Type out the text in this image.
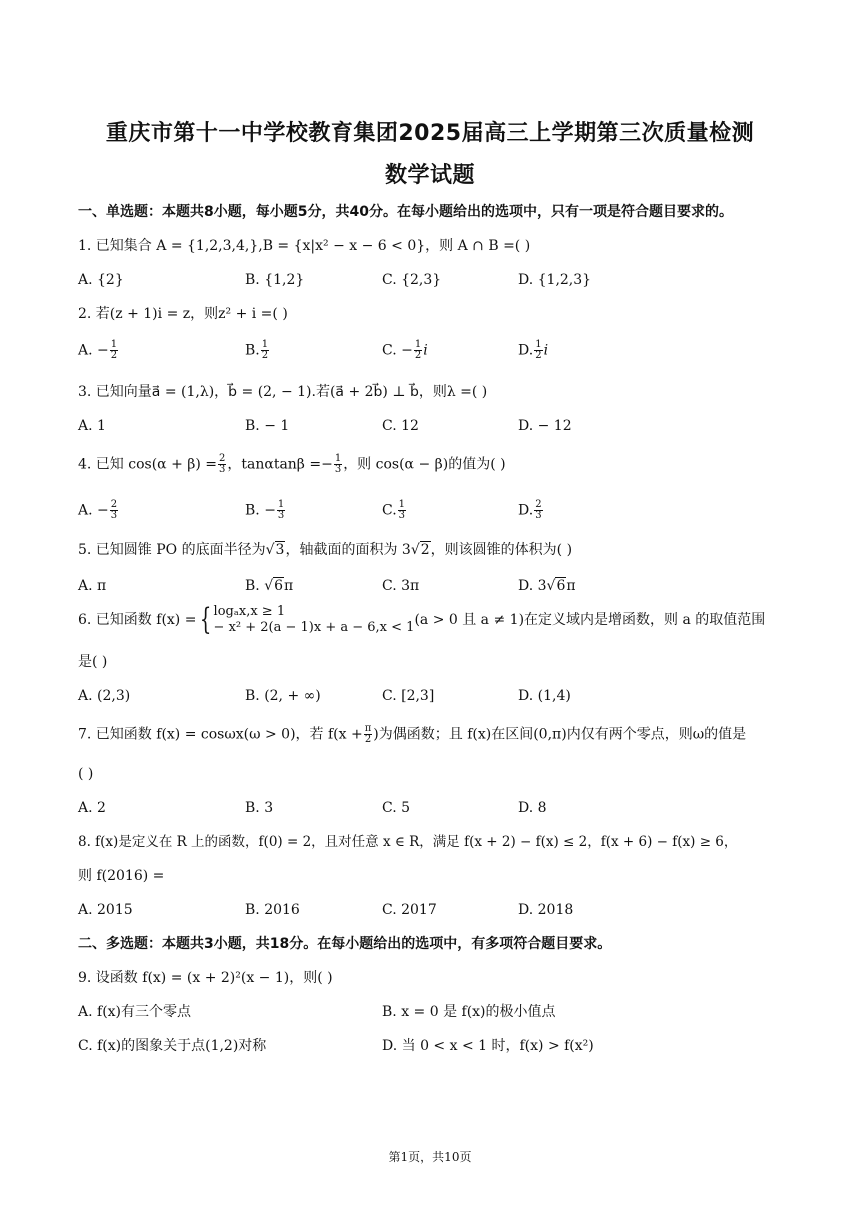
重庆市第十一中学校教育集团2025届高三上学期第三次质量检测
数学试题
一、单选题：本题共8小题，每小题5分，共40分。在每小题给出的选项中，只有一项是符合题目要求的。
1. 已知集合 A = {1,2,3,4,},B = {x|x² − x − 6 < 0}，则 A ∩ B =( )
A. {2}	B. {1,2}	C. {2,3}	D. {1,2,3}
2. 若(z + 1)i = z，则z² + i =( )
A. − $\frac{1}{2}$	B. $\frac{1}{2}$	C. − $\frac{1}{2}$ i	D. $\frac{1}{2}$ i
3. 已知向量a⃗ = (1,λ)，b⃗ = (2, − 1).若(a⃗ + 2b⃗) ⊥ b⃗，则λ =( )
A. 1	B. − 1	C. 12	D. − 12
4. 已知 $\cos(\alpha + \beta) = \frac{2}{3}$ ，$\tan\alpha\tan\beta =- \frac{1}{3}$ ，则 cos(α − β)的值为( )
A. − $\frac{2}{3}$	B. − $\frac{1}{3}$	C. $\frac{1}{3}$	D. $\frac{2}{3}$
5. 已知圆锥 PO 的底面半径为√3，轴截面的面积为 3√2，则该圆锥的体积为( )
A. π	B. √6π	C. 3π	D. 3√6π
6. 已知函数 f(x) = { logₐx,x ≥ 1
− x² + 2(a − 1)x + a − 6,x < 1 (a > 0 且 a ≠ 1)在定义域内是增函数，则 a 的取值范围
是( )
A. (2,3)	B. (2, + ∞)	C. [2,3]	D. (1,4)
7. 已知函数 f(x) = cosωx(ω > 0)，若 $f(x + \frac{\pi}{2}$ )为偶函数；且 f(x)在区间(0,π)内仅有两个零点，则ω的值是
( )
A. 2	B. 3	C. 5	D. 8
8. f(x)是定义在 R 上的函数，f(0) = 2，且对任意 x ∈ R，满足 f(x + 2) − f(x) ≤ 2，f(x + 6) − f(x) ≥ 6，
则 f(2016) =
A. 2015	B. 2016	C. 2017	D. 2018
二、多选题：本题共3小题，共18分。在每小题给出的选项中，有多项符合题目要求。
9. 设函数 f(x) = (x + 2)²(x − 1)，则( )
A. f(x)有三个零点	B. x = 0 是 f(x)的极小值点
C. f(x)的图象关于点(1,2)对称	D. 当 0 < x < 1 时，f(x) > f(x²)
第1页，共10页
